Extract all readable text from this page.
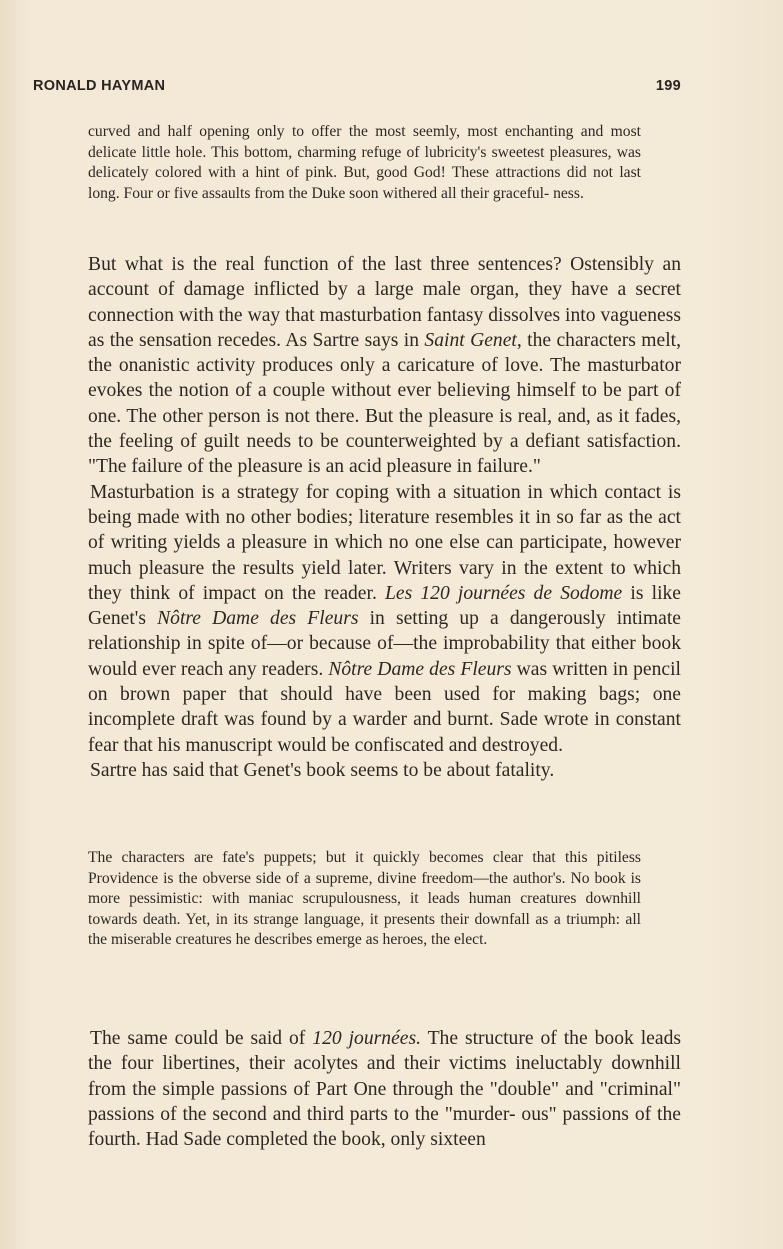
RONALD HAYMAN	199

curved and half opening only to offer the most seemly, most enchanting and most delicate little hole. This bottom, charming refuge of lubricity's sweetest pleasures, was delicately colored with a hint of pink. But, good God! These attractions did not last long. Four or five assaults from the Duke soon withered all their graceful- ness.

But what is the real function of the last three sentences? Ostensibly an account of damage inflicted by a large male organ, they have a secret connection with the way that masturbation fantasy dissolves into vagueness as the sensation recedes. As Sartre says in Saint Genet, the characters melt, the onanistic activity produces only a caricature of love. The masturbator evokes the notion of a couple without ever believing himself to be part of one. The other person is not there. But the pleasure is real, and, as it fades, the feeling of guilt needs to be counterweighted by a defiant satisfaction. "The failure of the pleasure is an acid pleasure in failure."

Masturbation is a strategy for coping with a situation in which contact is being made with no other bodies; literature resembles it in so far as the act of writing yields a pleasure in which no one else can participate, however much pleasure the results yield later. Writers vary in the extent to which they think of impact on the reader. Les 120 journées de Sodome is like Genet's Nôtre Dame des Fleurs in setting up a dangerously intimate relationship in spite of—or because of—the improbability that either book would ever reach any readers. Nôtre Dame des Fleurs was written in pencil on brown paper that should have been used for making bags; one incomplete draft was found by a warder and burnt. Sade wrote in constant fear that his manuscript would be confiscated and destroyed.

Sartre has said that Genet's book seems to be about fatality.

The characters are fate's puppets; but it quickly becomes clear that this pitiless Providence is the obverse side of a supreme, divine freedom—the author's. No book is more pessimistic: with maniac scrupulousness, it leads human creatures downhill towards death. Yet, in its strange language, it presents their downfall as a triumph: all the miserable creatures he describes emerge as heroes, the elect.

The same could be said of 120 journées. The structure of the book leads the four libertines, their acolytes and their victims ineluctably downhill from the simple passions of Part One through the "double" and "criminal" passions of the second and third parts to the "murder- ous" passions of the fourth. Had Sade completed the book, only sixteen
